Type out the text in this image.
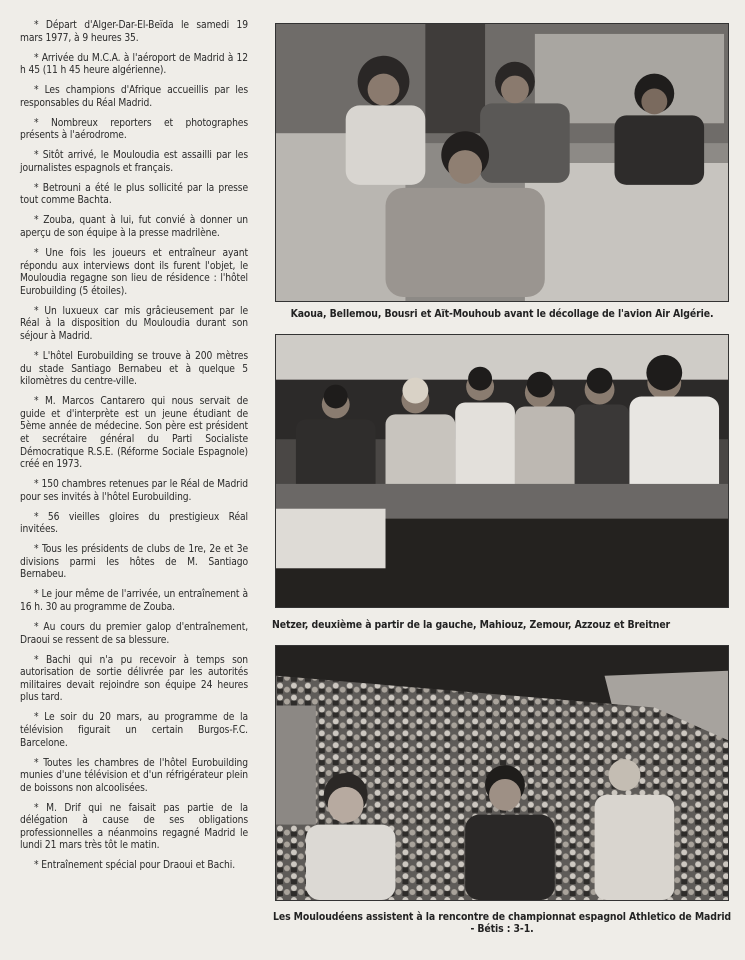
* Départ d'Alger-Dar-El-Beïda le samedi 19 mars 1977, à 9 heures 35.

* Arrivée du M.C.A. à l'aéroport de Madrid à 12 h 45 (11 h 45 heure algérienne).

* Les champions d'Afrique accueillis par les responsables du Réal Madrid.

* Nombreux reporters et photographes présents à l'aérodrome.

* Sitôt arrivé, le Mouloudia est assailli par les journalistes espagnols et français.

* Betrouni a été le plus sollicité par la presse tout comme Bachta.

* Zouba, quant à lui, fut convié à donner un aperçu de son équipe à la presse madrilène.

* Une fois les joueurs et entraîneur ayant répondu aux interviews dont ils furent l'objet, le Mouloudia regagne son lieu de résidence : l'hôtel Eurobuilding (5 étoiles).

* Un luxueux car mis grâcieusement par le Réal à la disposition du Mouloudia durant son séjour à Madrid.

* L'hôtel Eurobuilding se trouve à 200 mètres du stade Santiago Bernabeu et à quelque 5 kilomètres du centre-ville.

* M. Marcos Cantarero qui nous servait de guide et d'interprète est un jeune étudiant de 5ème année de médecine. Son père est président et secrétaire général du Parti Socialiste Démocratique R.S.E. (Réforme Sociale Espagnole) créé en 1973.

* 150 chambres retenues par le Réal de Madrid pour ses invités à l'hôtel Eurobuilding.

* 56 vieilles gloires du prestigieux Réal invitées.

* Tous les présidents de clubs de 1re, 2e et 3e divisions parmi les hôtes de M. Santiago Bernabeu.

* Le jour même de l'arrivée, un entraînement à 16 h. 30 au programme de Zouba.

* Au cours du premier galop d'entraînement, Draoui se ressent de sa blessure.

* Bachi qui n'a pu recevoir à temps son autorisation de sortie délivrée par les autorités militaires devait rejoindre son équipe 24 heures plus tard.

* Le soir du 20 mars, au programme de la télévision figurait un certain Burgos-F.C. Barcelone.

* Toutes les chambres de l'hôtel Eurobuilding munies d'une télévision et d'un réfrigérateur plein de boissons non alcoolisées.

* M. Drif qui ne faisait pas partie de la délégation à cause de ses obligations professionnelles a néanmoins regagné Madrid le lundi 21 mars très tôt le matin.

* Entraînement spécial pour Draoui et Bachi.

Kaoua, Bellemou, Bousri et Aït-Mouhoub avant le décollage de l'avion Air Algérie.
Netzer, deuxième à partir de la gauche, Mahiouz, Zemour, Azzouz et Breitner
Les Mouloudéens assistent à la rencontre de championnat espagnol Athletico de Madrid - Bétis : 3-1.
